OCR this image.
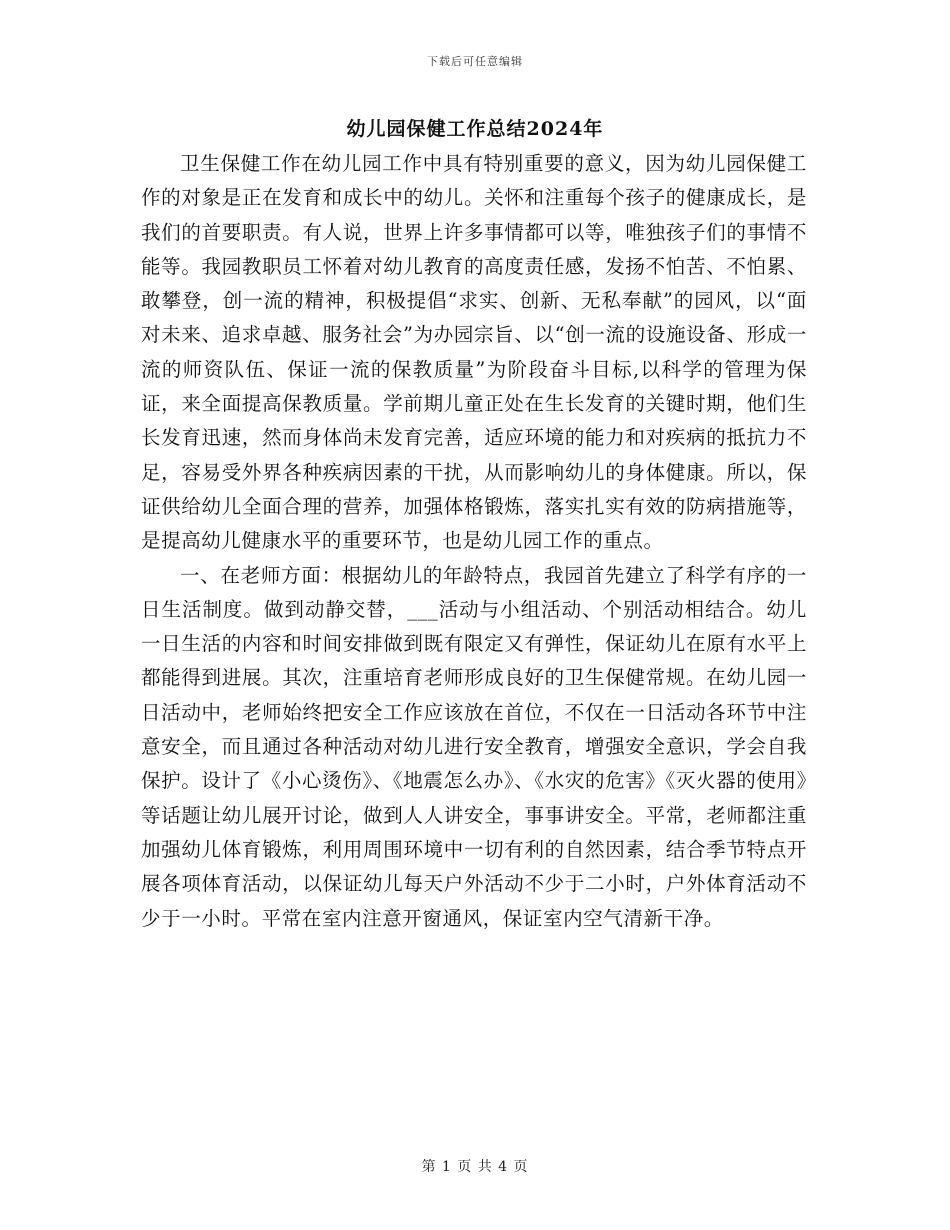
下载后可任意编辑
幼儿园保健工作总结2024年

卫生保健工作在幼儿园工作中具有特别重要的意义，因为幼儿园保健工作的对象是正在发育和成长中的幼儿。关怀和注重每个孩子的健康成长，是我们的首要职责。有人说，世界上许多事情都可以等，唯独孩子们的事情不能等。我园教职员工怀着对幼儿教育的高度责任感，发扬不怕苦、不怕累、敢攀登，创一流的精神，积极提倡“求实、创新、无私奉献”的园风，以“面对未来、追求卓越、服务社会”为办园宗旨、以“创一流的设施设备、形成一流的师资队伍、保证一流的保教质量”为阶段奋斗目标,以科学的管理为保证，来全面提高保教质量。学前期儿童正处在生长发育的关键时期，他们生长发育迅速，然而身体尚未发育完善，适应环境的能力和对疾病的抵抗力不足，容易受外界各种疾病因素的干扰，从而影响幼儿的身体健康。所以，保证供给幼儿全面合理的营养，加强体格锻炼，落实扎实有效的防病措施等，是提高幼儿健康水平的重要环节，也是幼儿园工作的重点。

一、在老师方面：根据幼儿的年龄特点，我园首先建立了科学有序的一日生活制度。做到动静交替，___活动与小组活动、个别活动相结合。幼儿一日生活的内容和时间安排做到既有限定又有弹性，保证幼儿在原有水平上都能得到进展。其次，注重培育老师形成良好的卫生保健常规。在幼儿园一日活动中，老师始终把安全工作应该放在首位，不仅在一日活动各环节中注意安全，而且通过各种活动对幼儿进行安全教育，增强安全意识，学会自我保护。设计了《小心烫伤》、《地震怎么办》、《水灾的危害》《灭火器的使用》等话题让幼儿展开讨论，做到人人讲安全，事事讲安全。平常，老师都注重加强幼儿体育锻炼，利用周围环境中一切有利的自然因素，结合季节特点开展各项体育活动，以保证幼儿每天户外活动不少于二小时，户外体育活动不少于一小时。平常在室内注意开窗通风，保证室内空气清新干净。

第 1 页 共 4 页
